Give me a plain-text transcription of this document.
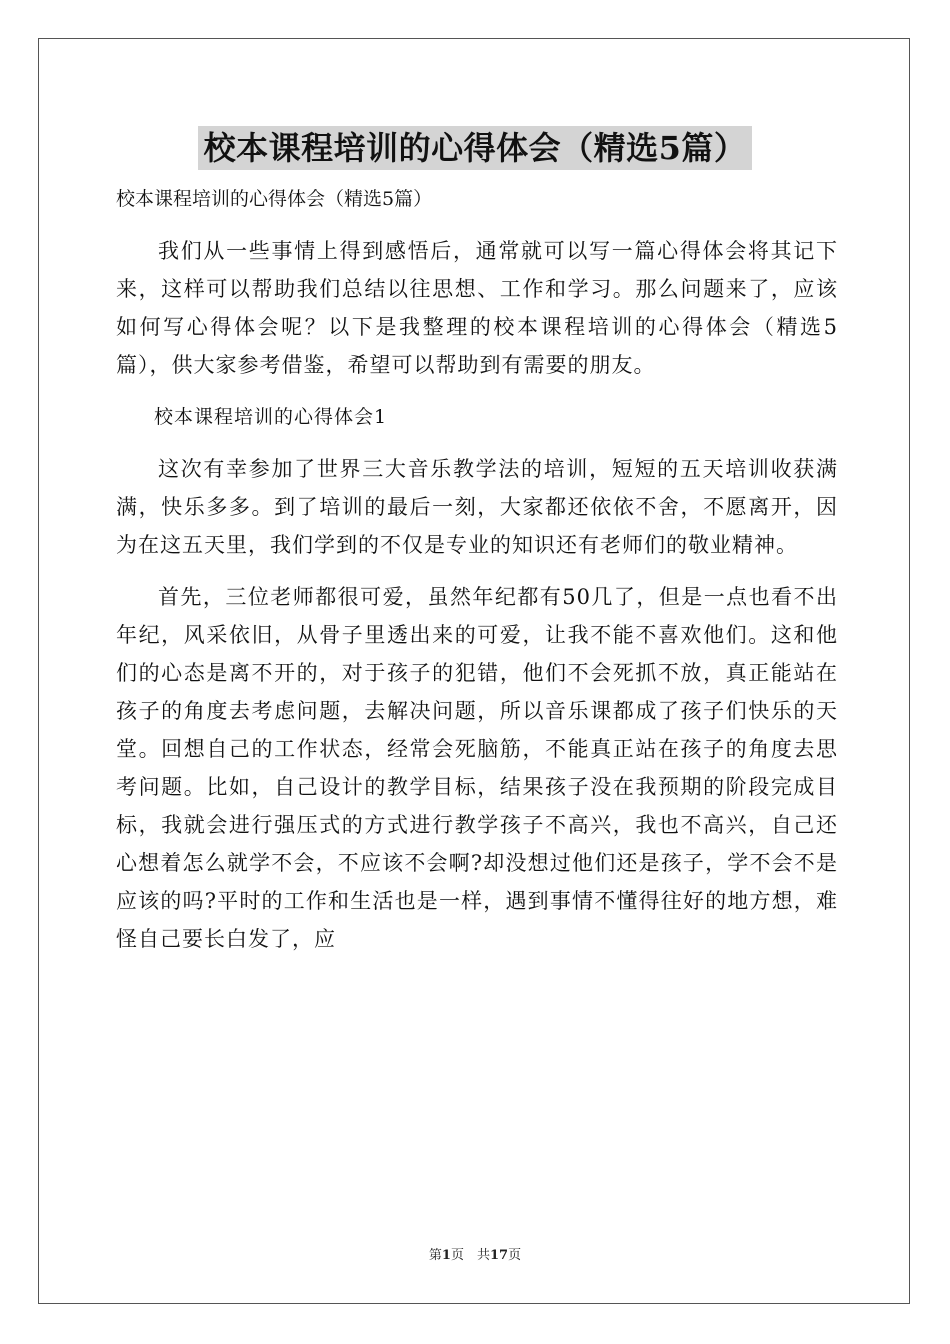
校本课程培训的心得体会（精选5篇）
校本课程培训的心得体会（精选5篇）

我们从一些事情上得到感悟后，通常就可以写一篇心得体会将其记下来，这样可以帮助我们总结以往思想、工作和学习。那么问题来了，应该如何写心得体会呢？以下是我整理的校本课程培训的心得体会（精选5篇），供大家参考借鉴，希望可以帮助到有需要的朋友。

校本课程培训的心得体会1

这次有幸参加了世界三大音乐教学法的培训，短短的五天培训收获满满，快乐多多。到了培训的最后一刻，大家都还依依不舍，不愿离开，因为在这五天里，我们学到的不仅是专业的知识还有老师们的敬业精神。

首先，三位老师都很可爱，虽然年纪都有50几了，但是一点也看不出年纪，风采依旧，从骨子里透出来的可爱，让我不能不喜欢他们。这和他们的心态是离不开的，对于孩子的犯错，他们不会死抓不放，真正能站在孩子的角度去考虑问题，去解决问题，所以音乐课都成了孩子们快乐的天堂。回想自己的工作状态，经常会死脑筋，不能真正站在孩子的角度去思考问题。比如，自己设计的教学目标，结果孩子没在我预期的阶段完成目标，我就会进行强压式的方式进行教学孩子不高兴，我也不高兴，自己还心想着怎么就学不会，不应该不会啊?却没想过他们还是孩子，学不会不是应该的吗?平时的工作和生活也是一样，遇到事情不懂得往好的地方想，难怪自己要长白发了，应

第1页　共17页
